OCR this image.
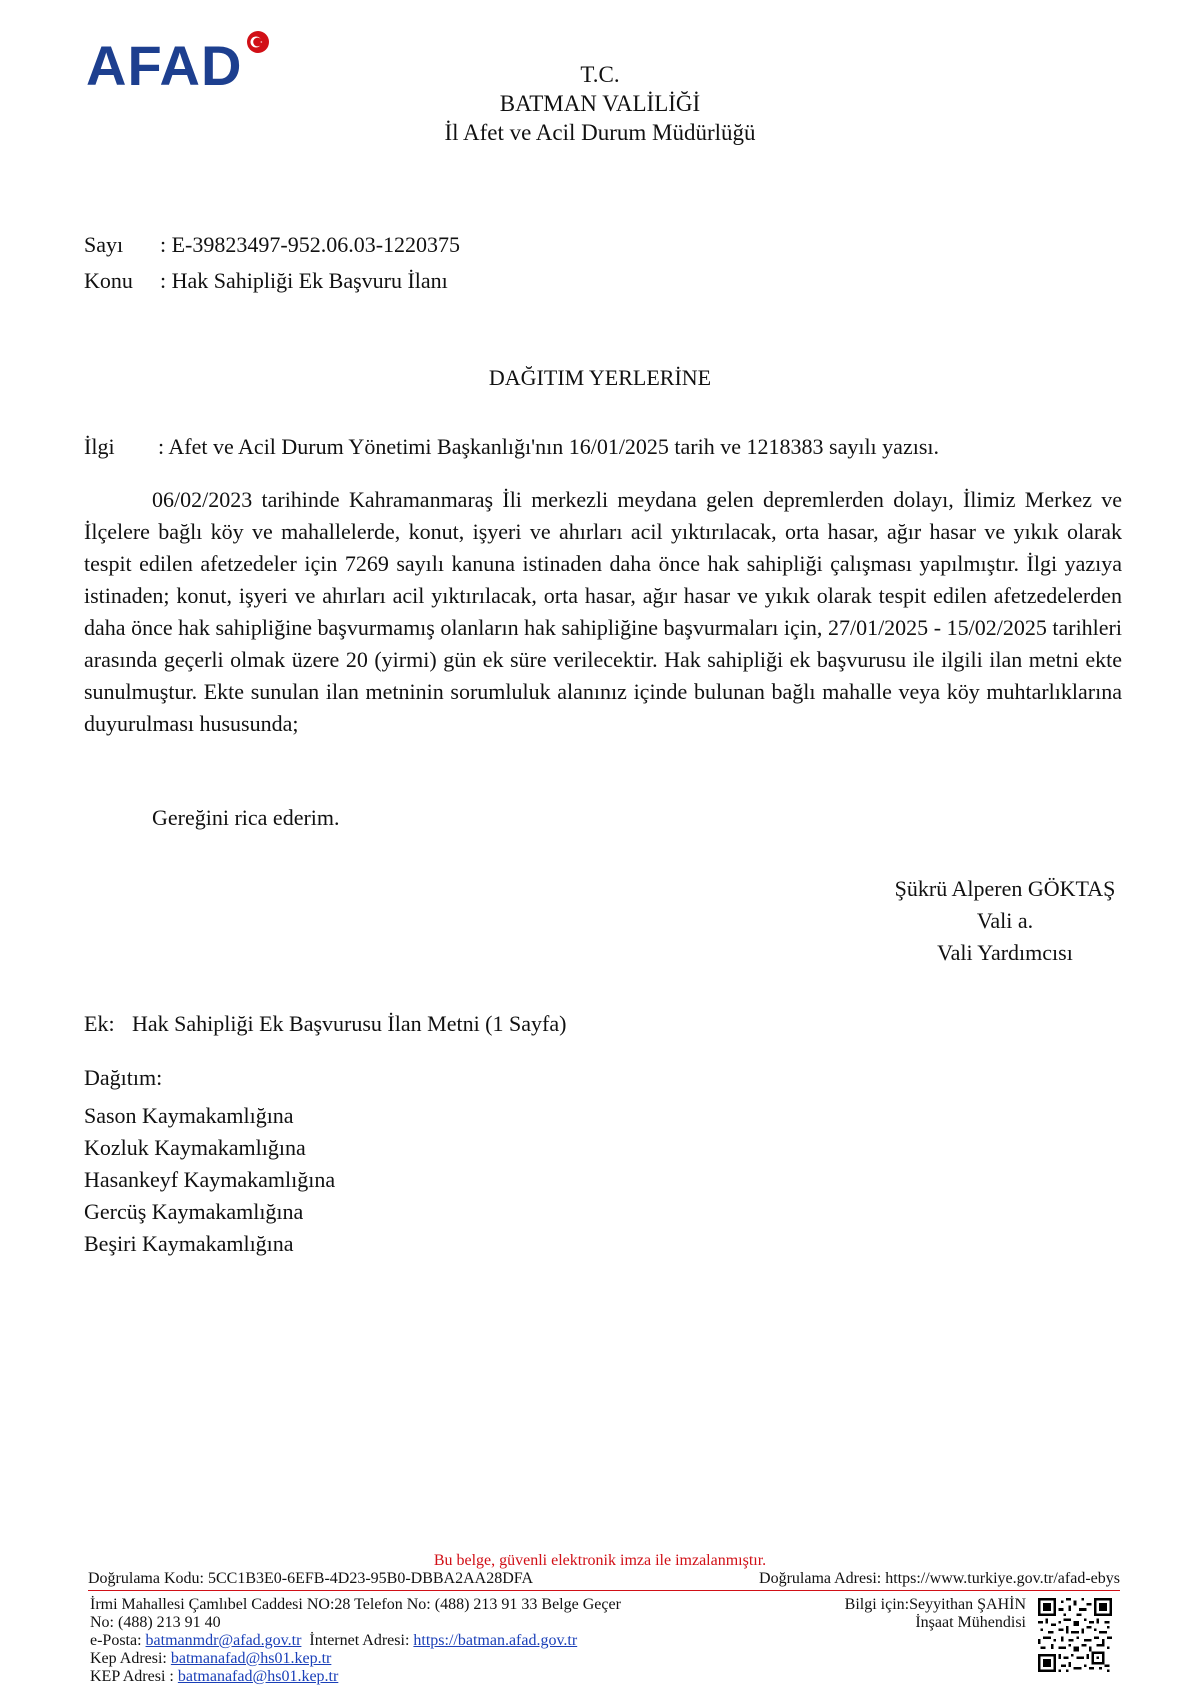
AFAD	T.C.
BATMAN VALİLİĞİ
İl Afet ve Acil Durum Müdürlüğü
Sayı : E-39823497-952.06.03-1220375
Konu : Hak Sahipliği Ek Başvuru İlanı
DAĞITIM YERLERİNE
İlgi : Afet ve Acil Durum Yönetimi Başkanlığı'nın 16/01/2025 tarih ve 1218383 sayılı yazısı.
06/02/2023 tarihinde Kahramanmaraş İli merkezli meydana gelen depremlerden dolayı, İlimiz Merkez ve İlçelere bağlı köy ve mahallelerde, konut, işyeri ve ahırları acil yıktırılacak, orta hasar, ağır hasar ve yıkık olarak tespit edilen afetzedeler için 7269 sayılı kanuna istinaden daha önce hak sahipliği çalışması yapılmıştır. İlgi yazıya istinaden; konut, işyeri ve ahırları acil yıktırılacak, orta hasar, ağır hasar ve yıkık olarak tespit edilen afetzedelerden daha önce hak sahipliğine başvurmamış olanların hak sahipliğine başvurmaları için, 27/01/2025 - 15/02/2025 tarihleri arasında geçerli olmak üzere 20 (yirmi) gün ek süre verilecektir. Hak sahipliği ek başvurusu ile ilgili ilan metni ekte sunulmuştur. Ekte sunulan ilan metninin sorumluluk alanınız içinde bulunan bağlı mahalle veya köy muhtarlıklarına duyurulması hususunda;
Gereğini rica ederim.
Şükrü Alperen GÖKTAŞ
Vali a.
Vali Yardımcısı
Ek: Hak Sahipliği Ek Başvurusu İlan Metni (1 Sayfa)
Dağıtım:
Sason Kaymakamlığına
Kozluk Kaymakamlığına
Hasankeyf Kaymakamlığına
Gercüş Kaymakamlığına
Beşiri Kaymakamlığına
Bu belge, güvenli elektronik imza ile imzalanmıştır.
Doğrulama Kodu: 5CC1B3E0-6EFB-4D23-95B0-DBBA2AA28DFA	Doğrulama Adresi: https://www.turkiye.gov.tr/afad-ebys
İrmi Mahallesi Çamlıbel Caddesi NO:28 Telefon No: (488) 213 91 33 Belge Geçer
No: (488) 213 91 40
e-Posta: batmanmdr@afad.gov.tr  İnternet Adresi: https://batman.afad.gov.tr
Kep Adresi: batmanafad@hs01.kep.tr
KEP Adresi : batmanafad@hs01.kep.tr
Bilgi için:Seyyithan ŞAHİN
İnşaat Mühendisi
